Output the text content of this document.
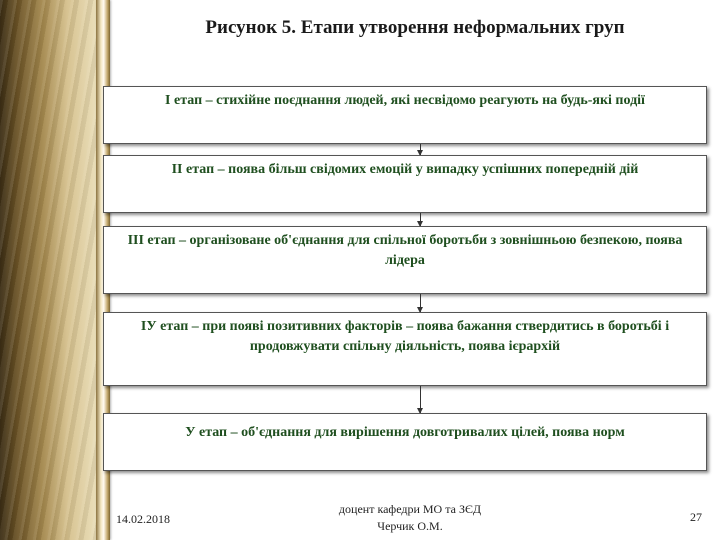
Рисунок 5. Етапи утворення неформальних груп
І етап – стихійне поєднання людей, які несвідомо реагують на будь-які події
ІІ етап – поява більш свідомих емоцій у випадку успішних попередній дій
ІІІ етап – організоване об'єднання для спільної боротьби з зовнішньою безпекою, поява лідера
ІУ етап – при появі позитивних факторів – поява бажання ствердитись в боротьбі і продовжувати спільну діяльність, поява ієрархій
У етап – об'єднання для вирішення довготривалих цілей, поява норм
14.02.2018
доцент кафедри МО та ЗЄД
Черчик О.М.
27
